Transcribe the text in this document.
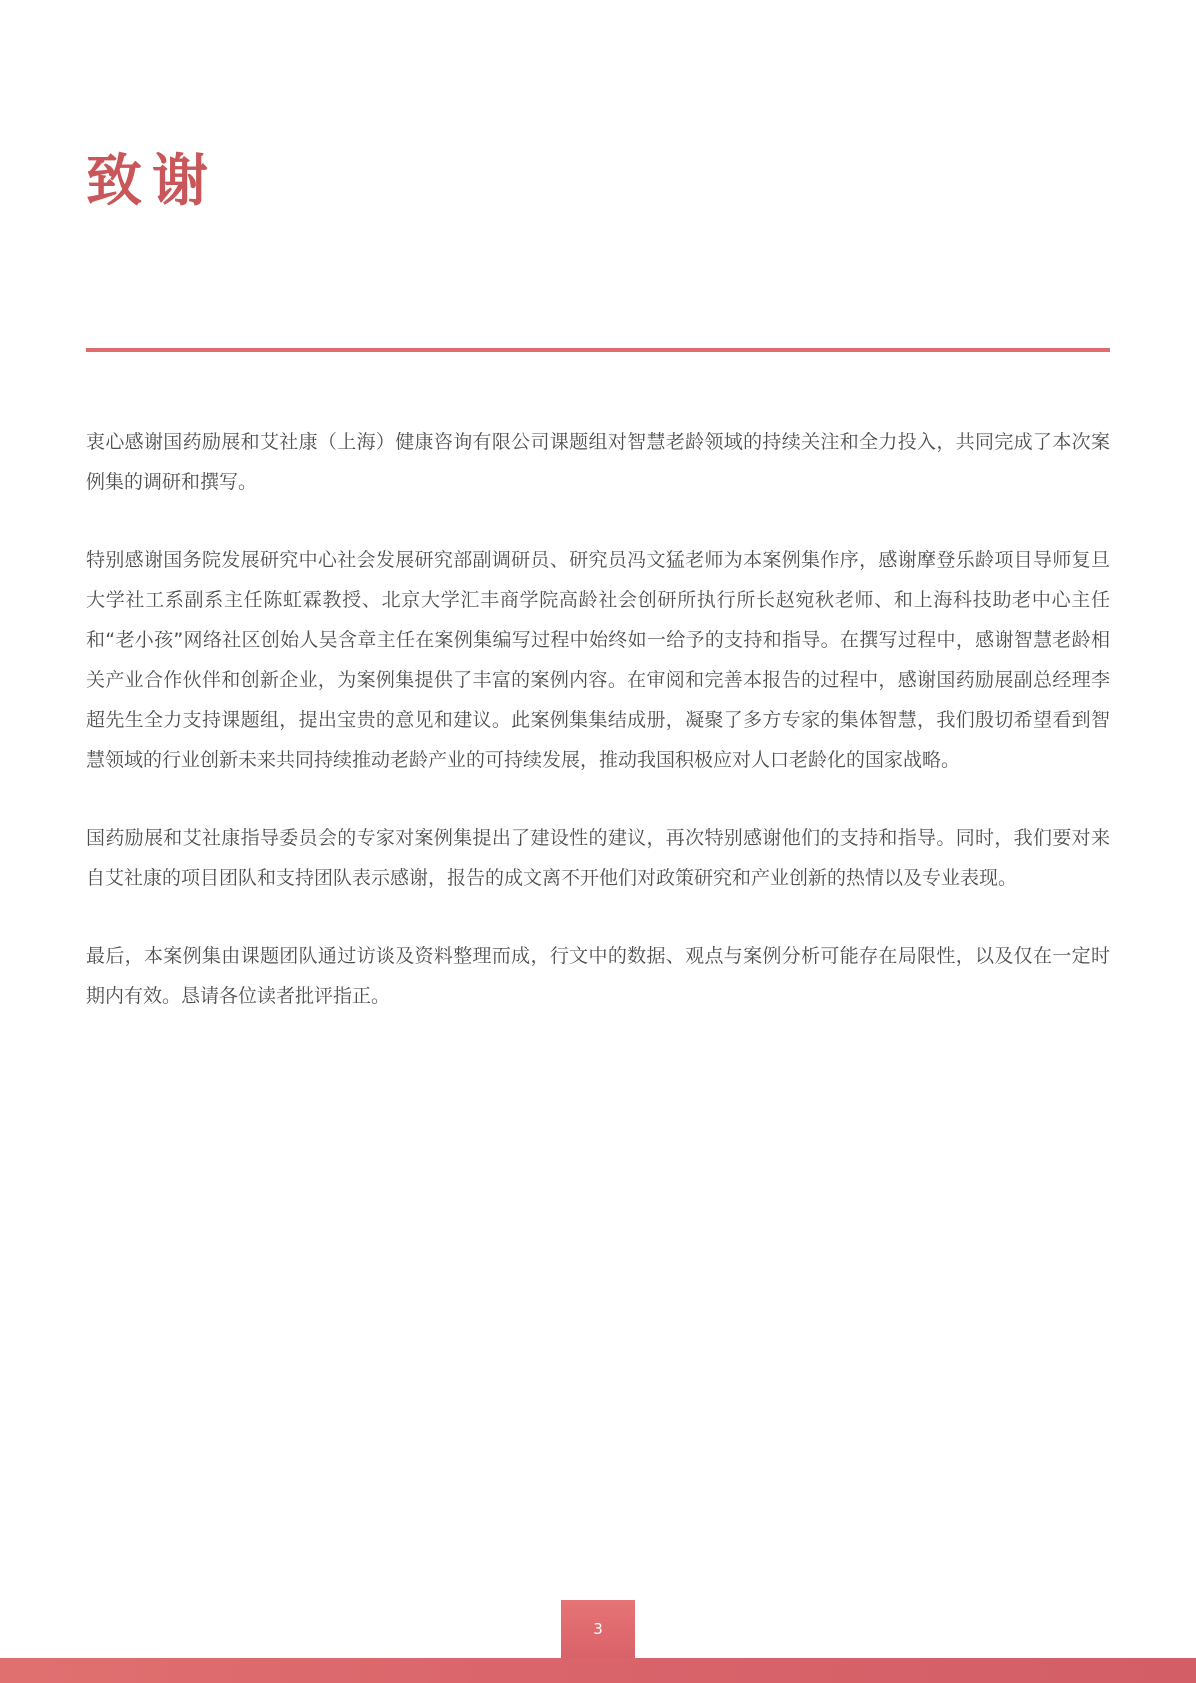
致谢

衷心感谢国药励展和艾社康（上海）健康咨询有限公司课题组对智慧老龄领域的持续关注和全力投入，共同完成了本次案例集的调研和撰写。

特别感谢国务院发展研究中心社会发展研究部副调研员、研究员冯文猛老师为本案例集作序，感谢摩登乐龄项目导师复旦大学社工系副系主任陈虹霖教授、北京大学汇丰商学院高龄社会创研所执行所长赵宛秋老师、和上海科技助老中心主任和“老小孩”网络社区创始人吴含章主任在案例集编写过程中始终如一给予的支持和指导。在撰写过程中，感谢智慧老龄相关产业合作伙伴和创新企业，为案例集提供了丰富的案例内容。在审阅和完善本报告的过程中，感谢国药励展副总经理李超先生全力支持课题组，提出宝贵的意见和建议。此案例集集结成册，凝聚了多方专家的集体智慧，我们殷切希望看到智慧领域的行业创新未来共同持续推动老龄产业的可持续发展，推动我国积极应对人口老龄化的国家战略。

国药励展和艾社康指导委员会的专家对案例集提出了建设性的建议，再次特别感谢他们的支持和指导。同时，我们要对来自艾社康的项目团队和支持团队表示感谢，报告的成文离不开他们对政策研究和产业创新的热情以及专业表现。

最后，本案例集由课题团队通过访谈及资料整理而成，行文中的数据、观点与案例分析可能存在局限性，以及仅在一定时期内有效。恳请各位读者批评指正。

3
